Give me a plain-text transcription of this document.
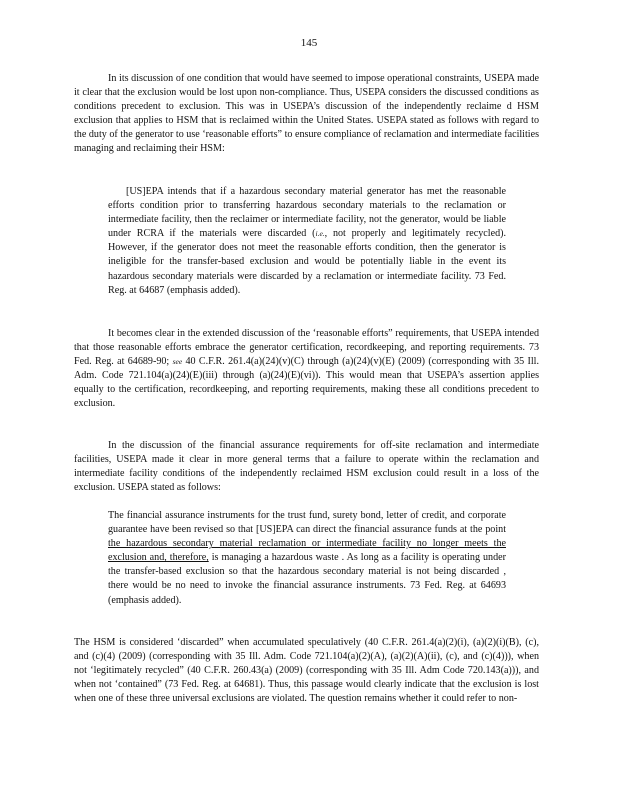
145

In its discussion of one condition that would have seemed to impose operational constraints, USEPA made it clear that the exclusion would be lost upon non-compliance. Thus, USEPA considers the discussed conditions as conditions precedent to exclusion. This was in USEPA’s discussion of the independently reclaime d HSM exclusion that applies to HSM that is reclaimed within the United States. USEPA stated as follows with regard to the duty of the generator to use ‘reasonable efforts” to ensure compliance of reclamation and intermediate facilities managing and reclaiming their HSM:

[US]EPA intends that if a hazardous secondary material generator has met the reasonable efforts condition prior to transferring hazardous secondary materials to the reclamation or intermediate facility, then the reclaimer or intermediate facility, not the generator, would be liable under RCRA if the materials were discarded (i.e., not properly and legitimately recycled). However, if the generator does not meet the reasonable efforts condition, then the generator is ineligible for the transfer-based exclusion and would be potentially liable in the event its hazardous secondary materials were discarded by a reclamation or intermediate facility. 73 Fed. Reg. at 64687 (emphasis added).

It becomes clear in the extended discussion of the ‘reasonable efforts” requirements, that USEPA intended that those reasonable efforts embrace the generator certification, recordkeeping, and reporting requirements. 73 Fed. Reg. at 64689-90; see 40 C.F.R. 261.4(a)(24)(v)(C) through (a)(24)(v)(E) (2009) (corresponding with 35 Ill. Adm. Code 721.104(a)(24)(E)(iii) through (a)(24)(E)(vi)). This would mean that USEPA’s assertion applies equally to the certification, recordkeeping, and reporting requirements, making these all conditions precedent to exclusion.

In the discussion of the financial assurance requirements for off-site reclamation and intermediate facilities, USEPA made it clear in more general terms that a failure to operate within the reclamation and intermediate facility conditions of the independently reclaimed HSM exclusion could result in a loss of the exclusion. USEPA stated as follows:

The financial assurance instruments for the trust fund, surety bond, letter of credit, and corporate guarantee have been revised so that [US]EPA can direct the financial assurance funds at the point the hazardous secondary material reclamation or intermediate facility no longer meets the exclusion and, therefore, is managing a hazardous waste . As long as a facility is operating under the transfer-based exclusion so that the hazardous secondary material is not being discarded , there would be no need to invoke the financial assurance instruments. 73 Fed. Reg. at 64693 (emphasis added).

The HSM is considered ‘discarded” when accumulated speculatively (40 C.F.R. 261.4(a)(2)(i), (a)(2)(i)(B), (c), and (c)(4) (2009) (corresponding with 35 Ill. Adm. Code 721.104(a)(2)(A), (a)(2)(A)(ii), (c), and (c)(4))), when not ‘legitimately recycled” (40 C.F.R. 260.43(a) (2009) (corresponding with 35 Ill. Adm Code 720.143(a))), and when not ‘contained” (73 Fed. Reg. at 64681). Thus, this passage would clearly indicate that the exclusion is lost when one of these three universal exclusions are violated. The question remains whether it could refer to non-
